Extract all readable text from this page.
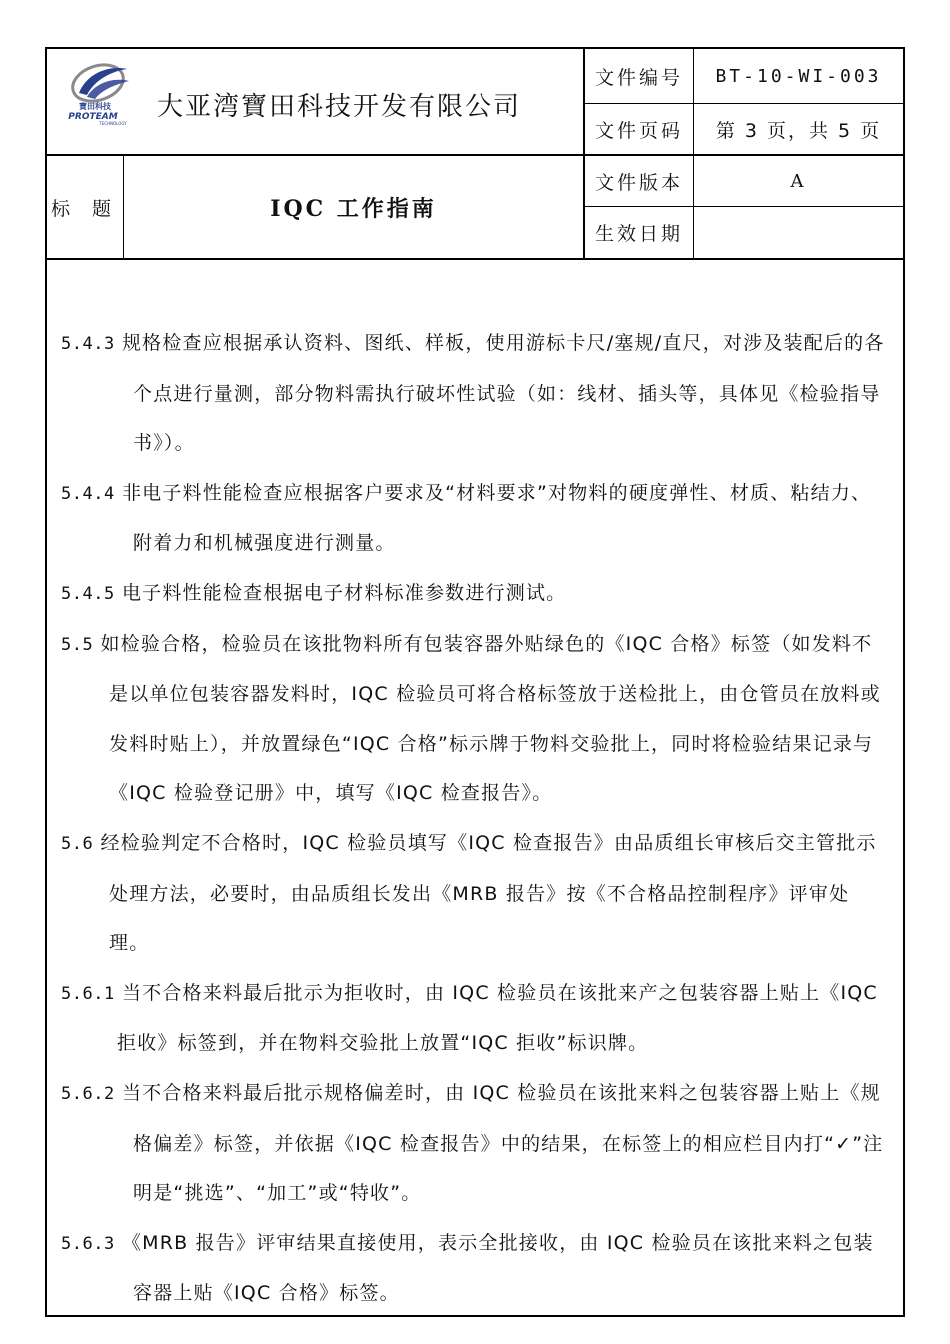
寶田科技
PROTEAM
TECHNOLOGY
大亚湾寶田科技开发有限公司
文件编号	BT-10-WI-003
文件页码	第 3 页，共 5 页
文件版本	A
生效日期
标 题	IQC 工作指南
5.4.3 规格检查应根据承认资料、图纸、样板，使用游标卡尺/塞规/直尺，对涉及装配后的各个点进行量测，部分物料需执行破坏性试验（如：线材、插头等，具体见《检验指导书》）。
5.4.4 非电子料性能检查应根据客户要求及“材料要求”对物料的硬度弹性、材质、粘结力、附着力和机械强度进行测量。
5.4.5 电子料性能检查根据电子材料标准参数进行测试。
5.5 如检验合格，检验员在该批物料所有包装容器外贴绿色的《IQC 合格》标签（如发料不是以单位包装容器发料时，IQC 检验员可将合格标签放于送检批上，由仓管员在放料或发料时贴上），并放置绿色“IQC 合格”标示牌于物料交验批上，同时将检验结果记录与《IQC 检验登记册》中，填写《IQC 检查报告》。
5.6 经检验判定不合格时，IQC 检验员填写《IQC 检查报告》由品质组长审核后交主管批示处理方法，必要时，由品质组长发出《MRB 报告》按《不合格品控制程序》评审处理。
5.6.1 当不合格来料最后批示为拒收时，由 IQC 检验员在该批来产之包装容器上贴上《IQC 拒收》标签到，并在物料交验批上放置“IQC 拒收”标识牌。
5.6.2 当不合格来料最后批示规格偏差时，由 IQC 检验员在该批来料之包装容器上贴上《规格偏差》标签，并依据《IQC 检查报告》中的结果，在标签上的相应栏目内打“✓”注明是“挑选”、“加工”或“特收”。
5.6.3 《MRB 报告》评审结果直接使用，表示全批接收，由 IQC 检验员在该批来料之包装容器上贴《IQC 合格》标签。
